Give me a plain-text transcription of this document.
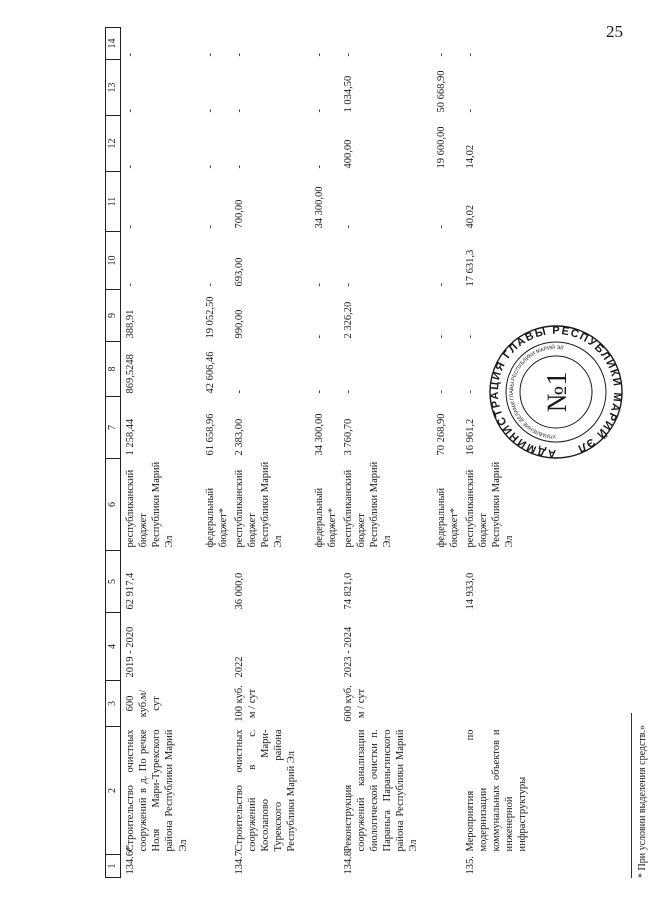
25
1	2	3	4	5	6	7	8	9	10	11	12	13	14
134.6*	Строительство очистных сооружений в д. По речке Ноля Мари-Турекского района Республики Марий Эл	600 куб.м/сут	2019 - 2020	62 917,4	республиканский бюджет Республики Марий Эл	1 258,44	869,5248	388,91	-	-	-	-	-
					федеральный бюджет*	61 658,96	42 606,46	19 052,50	-	-	-	-	-
134.7	Строительство очистных сооружений в с. Косолапово Мари-Турекского района Республики Марий Эл	100 куб. м / сут	2022	36 000,0	республиканский бюджет Республики Марий Эл	2 383,00	-	990,00	693,00	700,00	-	-	-
					федеральный бюджет*	34 300,00	-	-	-	34 300,00	-	-	-
134.8.	Реконструкция сооружений канализации биологической очистки п. Параньга Параньгинского района Республики Марий Эл	600 куб. м / сут	2023 - 2024	74 821,0	республиканский бюджет Республики Марий Эл	3 760,70	-	2 326,20	-	-	400,00	1 034,50	-
					федеральный бюджет*	70 268,90	-	-	-	-	19 600,00	50 668,90	-
135.	Мероприятия по модернизации коммунальных объектов и инженерной инфраструктуры			14 933,0	республиканский бюджет Республики Марий Эл	16 961,2	-	-	17 631,3	40,02	14,02	-	-
* При условии выделения средств.»
АДМИНИСТРАЦИЯ ГЛАВЫ РЕСПУБЛИКИ МАРИЙ ЭЛ
УПРАВЛЕНИЕ ДЕЛАМИ ГЛАВЫ РЕСПУБЛИКИ МАРИЙ ЭЛ
№1
